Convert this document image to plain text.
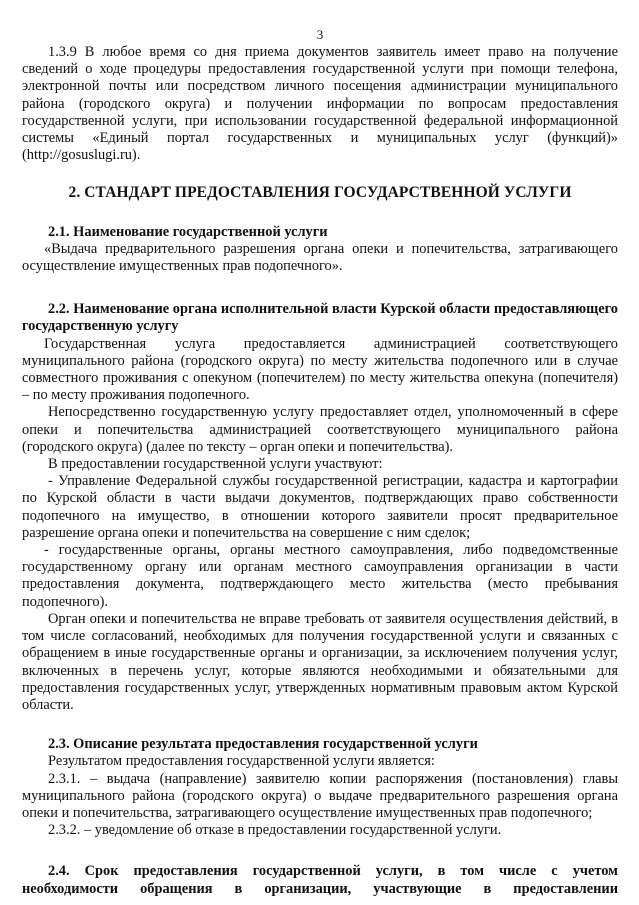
3

1.3.9 В любое время со дня приема документов заявитель имеет право на получение сведений о ходе процедуры предоставления государственной услуги при помощи телефона, электронной почты или посредством личного посещения администрации муниципального района (городского округа) и получении информации по вопросам предоставления государственной услуги, при использовании государственной федеральной информационной системы «Единый портал государственных и муниципальных услуг (функций)» (http://gosuslugi.ru).

2. СТАНДАРТ ПРЕДОСТАВЛЕНИЯ ГОСУДАРСТВЕННОЙ УСЛУГИ

2.1. Наименование государственной услуги

«Выдача предварительного разрешения органа опеки и попечительства, затрагивающего осуществление имущественных прав подопечного».

2.2. Наименование органа исполнительной власти Курской области предоставляющего государственную услугу

Государственная услуга предоставляется администрацией соответствующего муниципального района (городского округа) по месту жительства подопечного или в случае совместного проживания с опекуном (попечителем) по месту жительства опекуна (попечителя) – по месту проживания подопечного.

Непосредственно государственную услугу предоставляет отдел, уполномоченный в сфере опеки и попечительства администрацией соответствующего муниципального района (городского округа) (далее по тексту – орган опеки и попечительства).

В предоставлении государственной услуги участвуют:

- Управление Федеральной службы государственной регистрации, кадастра и картографии по Курской области в части выдачи документов, подтверждающих право собственности подопечного на имущество, в отношении которого заявители просят предварительное разрешение органа опеки и попечительства на совершение с ним сделок;

- государственные органы, органы местного самоуправления, либо подведомственные государственному органу или органам местного самоуправления организации в части предоставления документа, подтверждающего место жительства (место пребывания подопечного).

Орган опеки и попечительства не вправе требовать от заявителя осуществления действий, в том числе согласований, необходимых для получения государственной услуги и связанных с обращением в иные государственные органы и организации, за исключением получения услуг, включенных в перечень услуг, которые являются необходимыми и обязательными для предоставления государственных услуг, утвержденных нормативным правовым актом Курской области.

2.3. Описание результата предоставления государственной услуги

Результатом предоставления государственной услуги является:

2.3.1. – выдача (направление) заявителю копии распоряжения (постановления) главы муниципального района (городского округа) о выдаче предварительного разрешения органа опеки и попечительства, затрагивающего осуществление имущественных прав подопечного;

2.3.2. – уведомление об отказе в предоставлении государственной услуги.

2.4. Срок предоставления государственной услуги, в том числе с учетом

необходимости обращения в организации, участвующие в предоставлении
